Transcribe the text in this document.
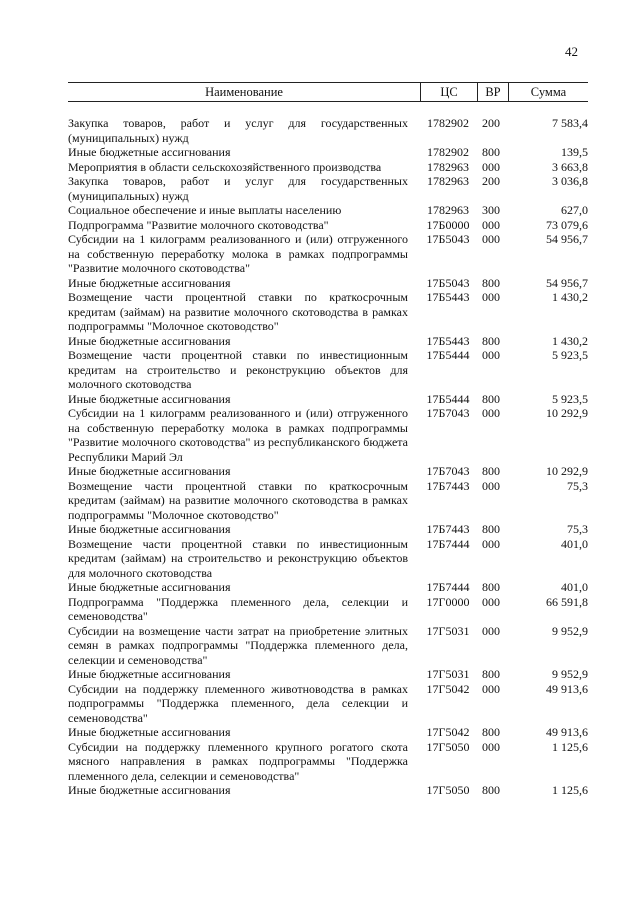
42
Наименование	ЦС	ВР	Сумма
Закупка товаров, работ и услуг для государственных (муниципальных) нужд
1782902	200	7 583,4
Иные бюджетные ассигнования	1782902	800	139,5
Мероприятия в области сельскохозяйственного производства	1782963	000	3 663,8
Закупка товаров, работ и услуг для государственных (муниципальных) нужд
1782963	200	3 036,8
Социальное обеспечение и иные выплаты населению	1782963	300	627,0
Подпрограмма "Развитие молочного скотоводства"	17Б0000	000	73 079,6
Субсидии на 1 килограмм реализованного и (или) отгруженного на собственную переработку молока в рамках подпрограммы "Развитие молочного скотоводства"
17Б5043	000	54 956,7
Иные бюджетные ассигнования	17Б5043	800	54 956,7
Возмещение части процентной ставки по краткосрочным кредитам (займам) на развитие молочного скотоводства в рамках подпрограммы "Молочное скотоводство"
17Б5443	000	1 430,2
Иные бюджетные ассигнования	17Б5443	800	1 430,2
Возмещение части процентной ставки по инвестиционным кредитам на строительство и реконструкцию объектов для молочного скотоводства
17Б5444	000	5 923,5
Иные бюджетные ассигнования	17Б5444	800	5 923,5
Субсидии на 1 килограмм реализованного и (или) отгруженного на собственную переработку молока в рамках подпрограммы "Развитие молочного скотоводства" из республиканского бюджета Республики Марий Эл
17Б7043	000	10 292,9
Иные бюджетные ассигнования	17Б7043	800	10 292,9
Возмещение части процентной ставки по краткосрочным кредитам (займам) на развитие молочного скотоводства в рамках подпрограммы "Молочное скотоводство"
17Б7443	000	75,3
Иные бюджетные ассигнования	17Б7443	800	75,3
Возмещение части процентной ставки по инвестиционным кредитам (займам) на строительство и реконструкцию объектов для молочного скотоводства
17Б7444	000	401,0
Иные бюджетные ассигнования	17Б7444	800	401,0
Подпрограмма "Поддержка племенного дела, селекции и семеноводства"
17Г0000	000	66 591,8
Субсидии на возмещение части затрат на приобретение элитных семян в рамках подпрограммы "Поддержка племенного дела, селекции и семеноводства"
17Г5031	000	9 952,9
Иные бюджетные ассигнования	17Г5031	800	9 952,9
Субсидии на поддержку племенного животноводства в рамках подпрограммы "Поддержка племенного, дела селекции и семеноводства"
17Г5042	000	49 913,6
Иные бюджетные ассигнования	17Г5042	800	49 913,6
Субсидии на поддержку племенного крупного рогатого скота мясного направления в рамках подпрограммы "Поддержка племенного дела, селекции и семеноводства"
17Г5050	000	1 125,6
Иные бюджетные ассигнования	17Г5050	800	1 125,6
